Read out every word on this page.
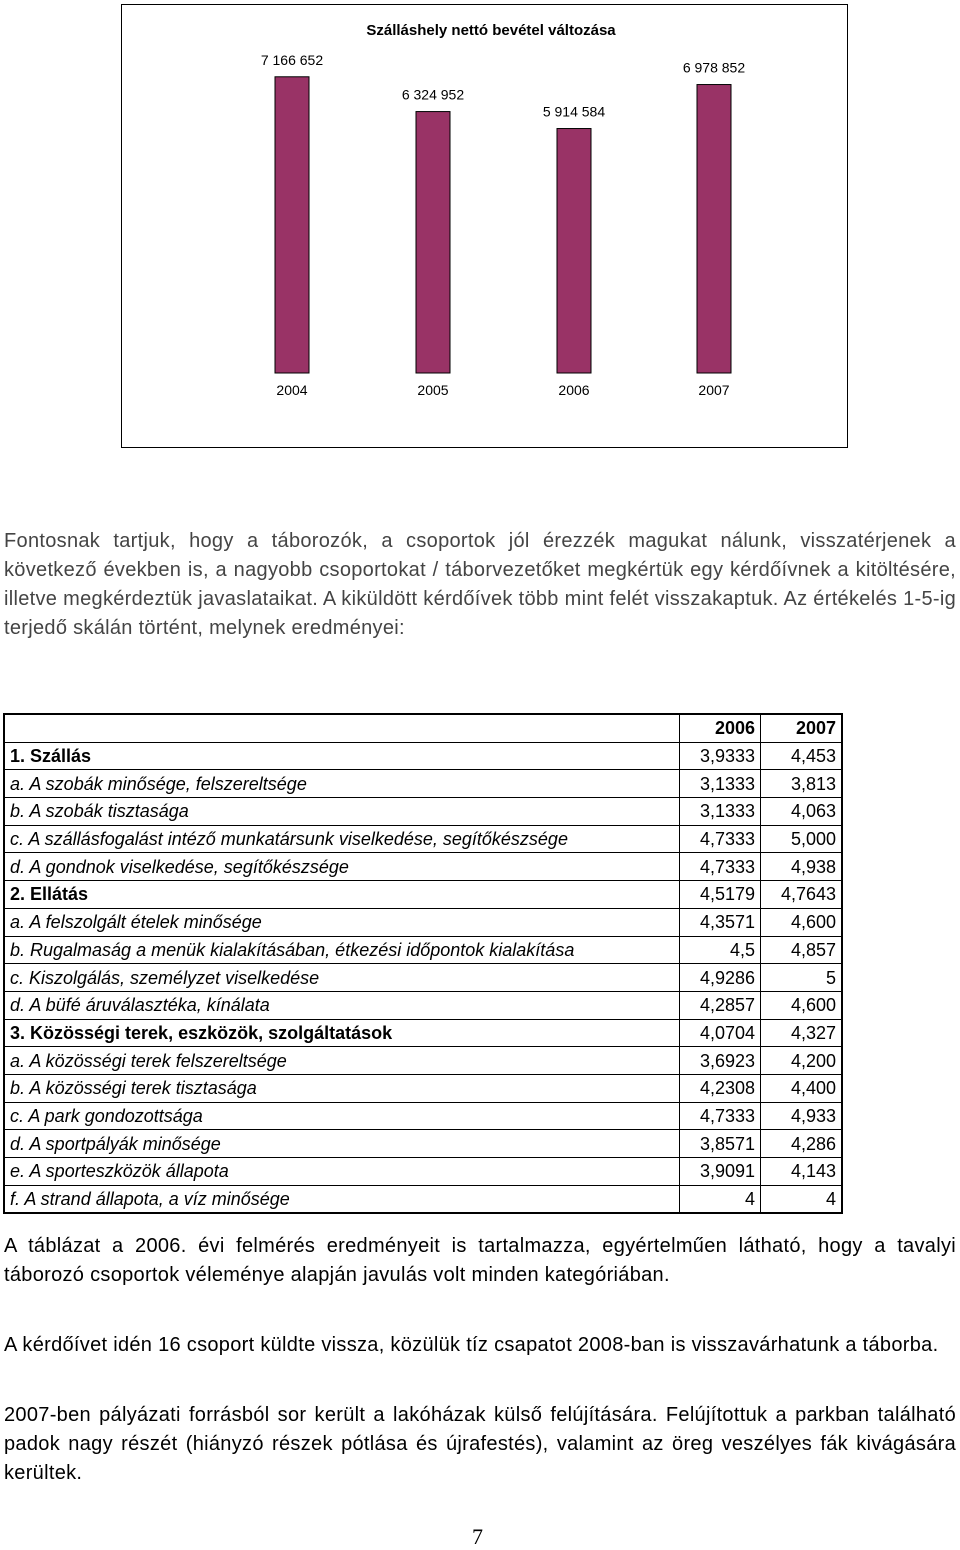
Szálláshely nettó bevétel változása
7 166 652
2004
6 324 952
2005
5 914 584
2006
6 978 852
2007

Fontosnak tartjuk, hogy a táborozók, a csoportok jól érezzék magukat nálunk, visszatérjenek a következő években is, a nagyobb csoportokat / táborvezetőket megkértük egy kérdőívnek a kitöltésére, illetve megkérdeztük javaslataikat. A kiküldött kérdőívek több mint felét visszakaptuk. Az értékelés 1-5-ig terjedő skálán történt, melynek eredményei:

	2006	2007
1. Szállás	3,9333	4,453
a. A szobák minősége, felszereltsége	3,1333	3,813
b. A szobák tisztasága	3,1333	4,063
c. A szállásfogalást intéző munkatársunk viselkedése, segítőkészsége	4,7333	5,000
d. A gondnok viselkedése, segítőkészsége	4,7333	4,938
2. Ellátás	4,5179	4,7643
a. A felszolgált ételek minősége	4,3571	4,600
b. Rugalmaság a menük kialakításában, étkezési időpontok kialakítása	4,5	4,857
c. Kiszolgálás, személyzet viselkedése	4,9286	5
d. A büfé áruválasztéka, kínálata	4,2857	4,600
3. Közösségi terek, eszközök, szolgáltatások	4,0704	4,327
a. A közösségi terek felszereltsége	3,6923	4,200
b. A közösségi terek tisztasága	4,2308	4,400
c. A park gondozottsága	4,7333	4,933
d. A sportpályák minősége	3,8571	4,286
e. A sporteszközök állapota	3,9091	4,143
f. A strand állapota, a víz minősége	4	4

A táblázat a 2006. évi felmérés eredményeit is tartalmazza, egyértelműen látható, hogy a tavalyi táborozó csoportok véleménye alapján javulás volt minden kategóriában.

A kérdőívet idén 16 csoport küldte vissza, közülük tíz csapatot 2008-ban is visszavárhatunk a táborba.

2007-ben pályázati forrásból sor került a lakóházak külső felújítására. Felújítottuk a parkban található padok nagy részét (hiányzó részek pótlása és újrafestés), valamint az öreg veszélyes fák kivágására kerültek.

7
